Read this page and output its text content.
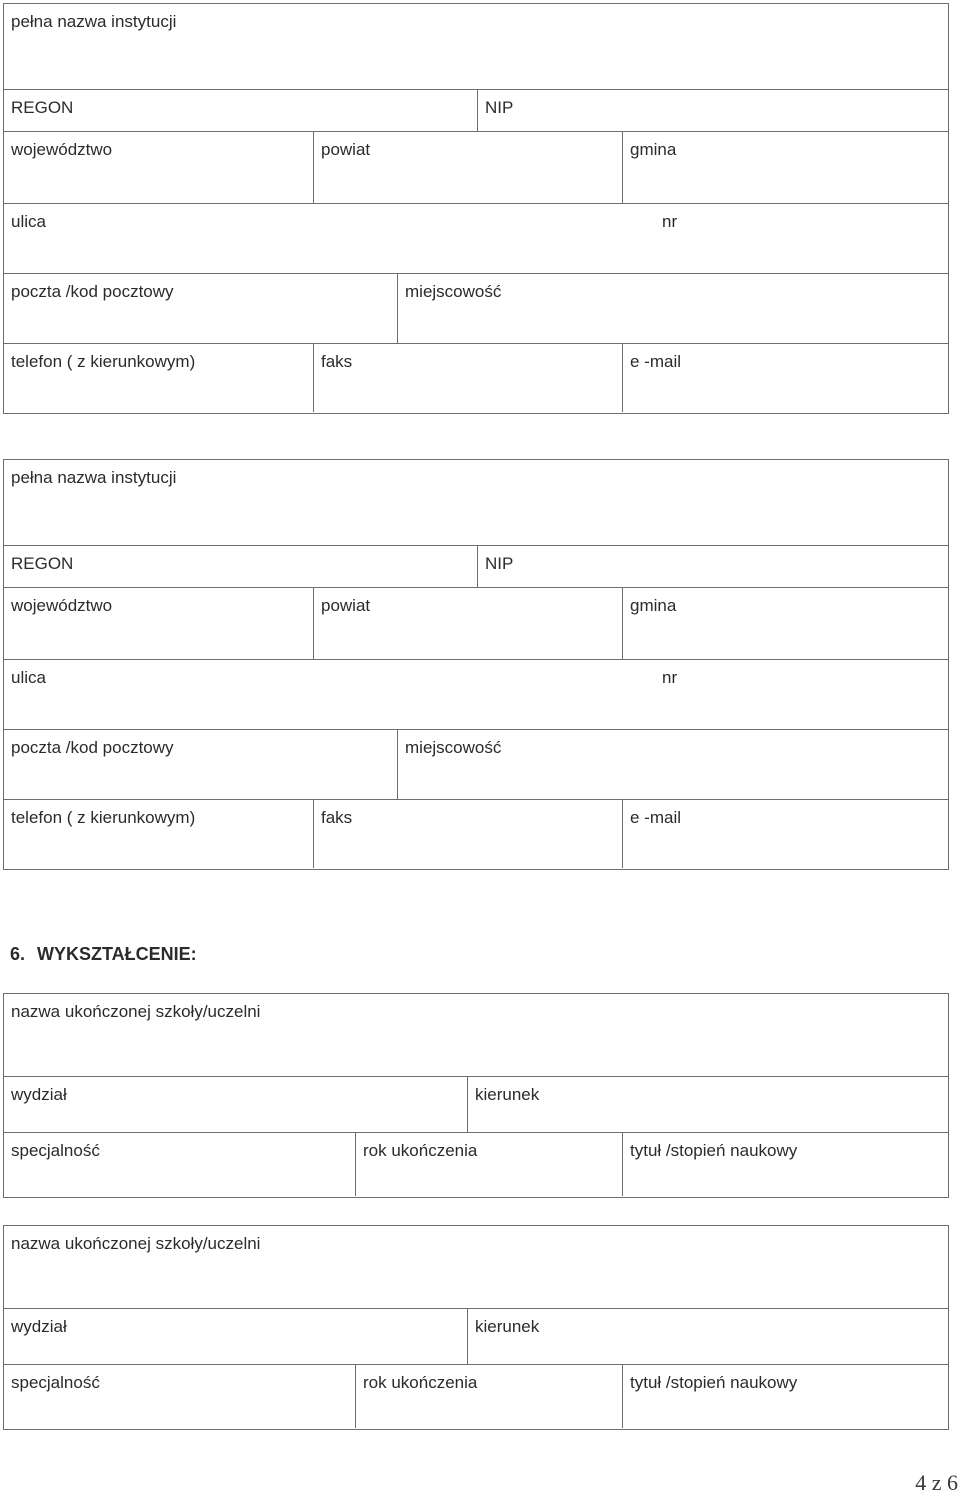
pełna nazwa instytucji
REGON	NIP
województwo	powiat	gmina
ulica	nr
poczta /kod pocztowy	miejscowość
telefon ( z kierunkowym)	faks	e -mail
pełna nazwa instytucji
REGON	NIP
województwo	powiat	gmina
ulica	nr
poczta /kod pocztowy	miejscowość
telefon ( z kierunkowym)	faks	e -mail
6. WYKSZTAŁCENIE:
nazwa ukończonej szkoły/uczelni
wydział	kierunek
specjalność	rok ukończenia	tytuł /stopień naukowy
nazwa ukończonej szkoły/uczelni
wydział	kierunek
specjalność	rok ukończenia	tytuł /stopień naukowy
4 z 6
